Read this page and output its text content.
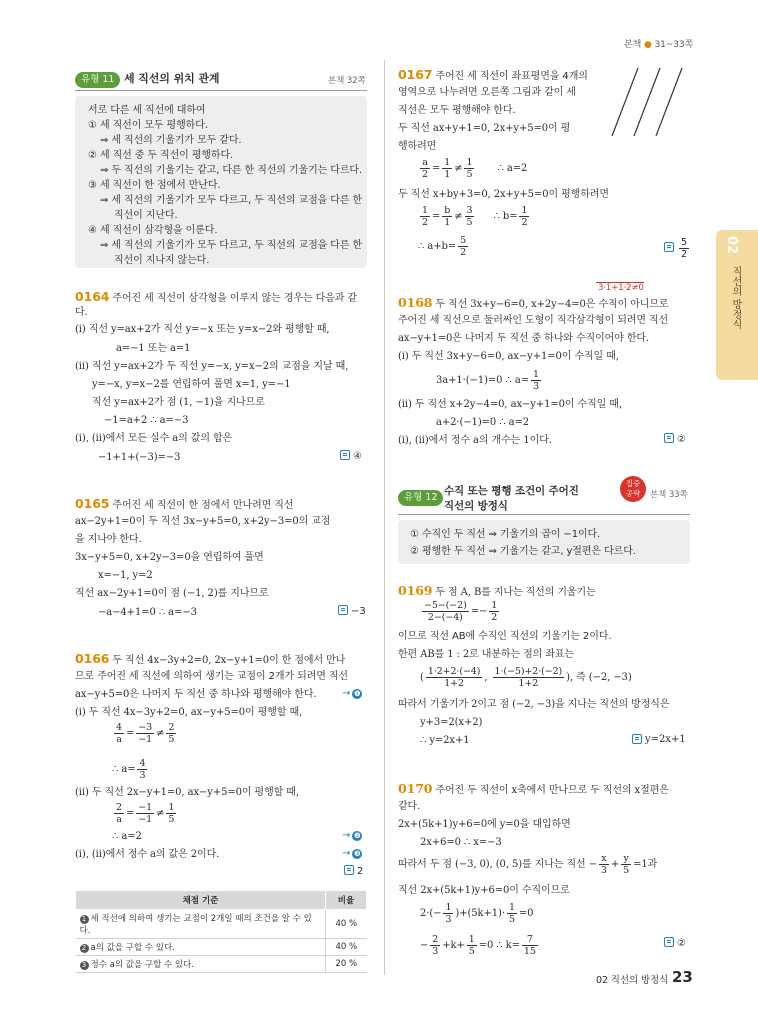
본책 ● 31~33쪽
02
직선의 방정식
유형 11 세 직선의 위치 관계	본책 32쪽
서로 다른 세 직선에 대하여
① 세 직선이 모두 평행하다.
⇒ 세 직선의 기울기가 모두 같다.
② 세 직선 중 두 직선이 평행하다.
⇒ 두 직선의 기울기는 같고, 다른 한 직선의 기울기는 다르다.
③ 세 직선이 한 점에서 만난다.
⇒ 세 직선의 기울기가 모두 다르고, 두 직선의 교점을 다른 한
직선이 지난다.
④ 세 직선이 삼각형을 이룬다.
⇒ 세 직선의 기울기가 모두 다르고, 두 직선의 교점을 다른 한
직선이 지나지 않는다.
0164 주어진 세 직선이 삼각형을 이루지 않는 경우는 다음과 같
다.
(i) 직선 y=ax+2가 직선 y=−x 또는 y=x−2와 평행할 때,
a=−1 또는 a=1
(ii) 직선 y=ax+2가 두 직선 y=−x, y=x−2의 교점을 지날 때,
y=−x, y=x−2를 연립하여 풀면 x=1, y=−1
직선 y=ax+2가 점 (1, −1)을 지나므로
−1=a+2 ∴ a=−3
(i), (ii)에서 모든 실수 a의 값의 합은
−1+1+(−3)=−3	④
0165 주어진 세 직선이 한 점에서 만나려면 직선
ax−2y+1=0이 두 직선 3x−y+5=0, x+2y−3=0의 교점
을 지나야 한다.
3x−y+5=0, x+2y−3=0을 연립하여 풀면
x=−1, y=2
직선 ax−2y+1=0이 점 (−1, 2)를 지나므로
−a−4+1=0 ∴ a=−3	−3
0166 두 직선 4x−3y+2=0, 2x−y+1=0이 한 점에서 만나
므로 주어진 세 직선에 의하여 생기는 교점이 2개가 되려면 직선
ax−y+5=0은 나머지 두 직선 중 하나와 평행해야 한다.	→ ❶
(i) 두 직선 4x−3y+2=0, ax−y+5=0이 평행할 때,
$\frac{4}{a} = \frac{-3}{-1} \ne \frac{2}{5}$
∴ $a= \frac{4}{3}$
(ii) 두 직선 2x−y+1=0, ax−y+5=0이 평행할 때,
$\frac{2}{a} = \frac{-1}{-1} \ne \frac{1}{5}$
∴ a=2	→ ❷
(i), (ii)에서 정수 a의 값은 2이다.	→ ❸
2
채점 기준	비율
1 세 직선에 의하여 생기는 교점이 2개일 때의 조건을 알 수 있다.	40 %
2 a의 값을 구할 수 있다.	40 %
3 정수 a의 값을 구할 수 있다.	20 %
0167 주어진 세 직선이 좌표평면을 4개의
영역으로 나누려면 오른쪽 그림과 같이 세
직선은 모두 평행해야 한다.
두 직선 ax+y+1=0, 2x+y+5=0이 평
행하려면
$\frac{a}{2} = \frac{1}{1} \ne \frac{1}{5}$ ∴ a=2
두 직선 x+by+3=0, 2x+y+5=0이 평행하려면
$\frac{1}{2} = \frac{b}{1} \ne \frac{3}{5}$ ∴ $b= \frac{1}{2}$
∴ $a+b= \frac{5}{2}$	$\frac{5}{2}$
3·1+1·2≠0
0168 두 직선 3x+y−6=0, x+2y−4=0은 수직이 아니므로
주어진 세 직선으로 둘러싸인 도형이 직각삼각형이 되려면 직선
ax−y+1=0은 나머지 두 직선 중 하나와 수직이어야 한다.
(i) 두 직선 3x+y−6=0, ax−y+1=0이 수직일 때,
3a+1·(−1)=0 ∴ $a= \frac{1}{3}$
(ii) 두 직선 x+2y−4=0, ax−y+1=0이 수직일 때,
a+2·(−1)=0 ∴ a=2
(i), (ii)에서 정수 a의 개수는 1이다.	②
유형 12
수직 또는 평행 조건이 주어진
직선의 방정식
집중
공략	본책 33쪽
① 수직인 두 직선 ⇒ 기울기의 곱이 −1이다.
② 평행한 두 직선 ⇒ 기울기는 같고, y절편은 다르다.
0169 두 점 A, B를 지나는 직선의 기울기는
$\frac{-5-(-2)}{2-(-4)} =- \frac{1}{2}$
이므로 직선 AB에 수직인 직선의 기울기는 2이다.
한편 AB를 1 : 2로 내분하는 점의 좌표는
( $\frac{1\cdot 2+2\cdot(-4)}{1+2}$ , $\frac{1\cdot(-5)+2\cdot(-2)}{1+2}$ ), 즉 (−2, −3)
따라서 기울기가 2이고 점 (−2, −3)을 지나는 직선의 방정식은
y+3=2(x+2)
∴ y=2x+1	y=2x+1
0170 주어진 두 직선이 x축에서 만나므로 두 직선의 x절편은
같다.
2x+(5k+1)y+6=0에 y=0을 대입하면
2x+6=0 ∴ x=−3
따라서 두 점 (−3, 0), (0, 5)를 지나는 직선 − $\frac{x}{3} + \frac{y}{5} =1$과
직선 2x+(5k+1)y+6=0이 수직이므로
$2\cdot(- \frac{1}{3} )+(5k+1)\cdot \frac{1}{5} =0$
− $\frac{2}{3} +k+ \frac{1}{5} =0$ ∴ $k= \frac{7}{15}$	②
02 직선의 방정식 23
